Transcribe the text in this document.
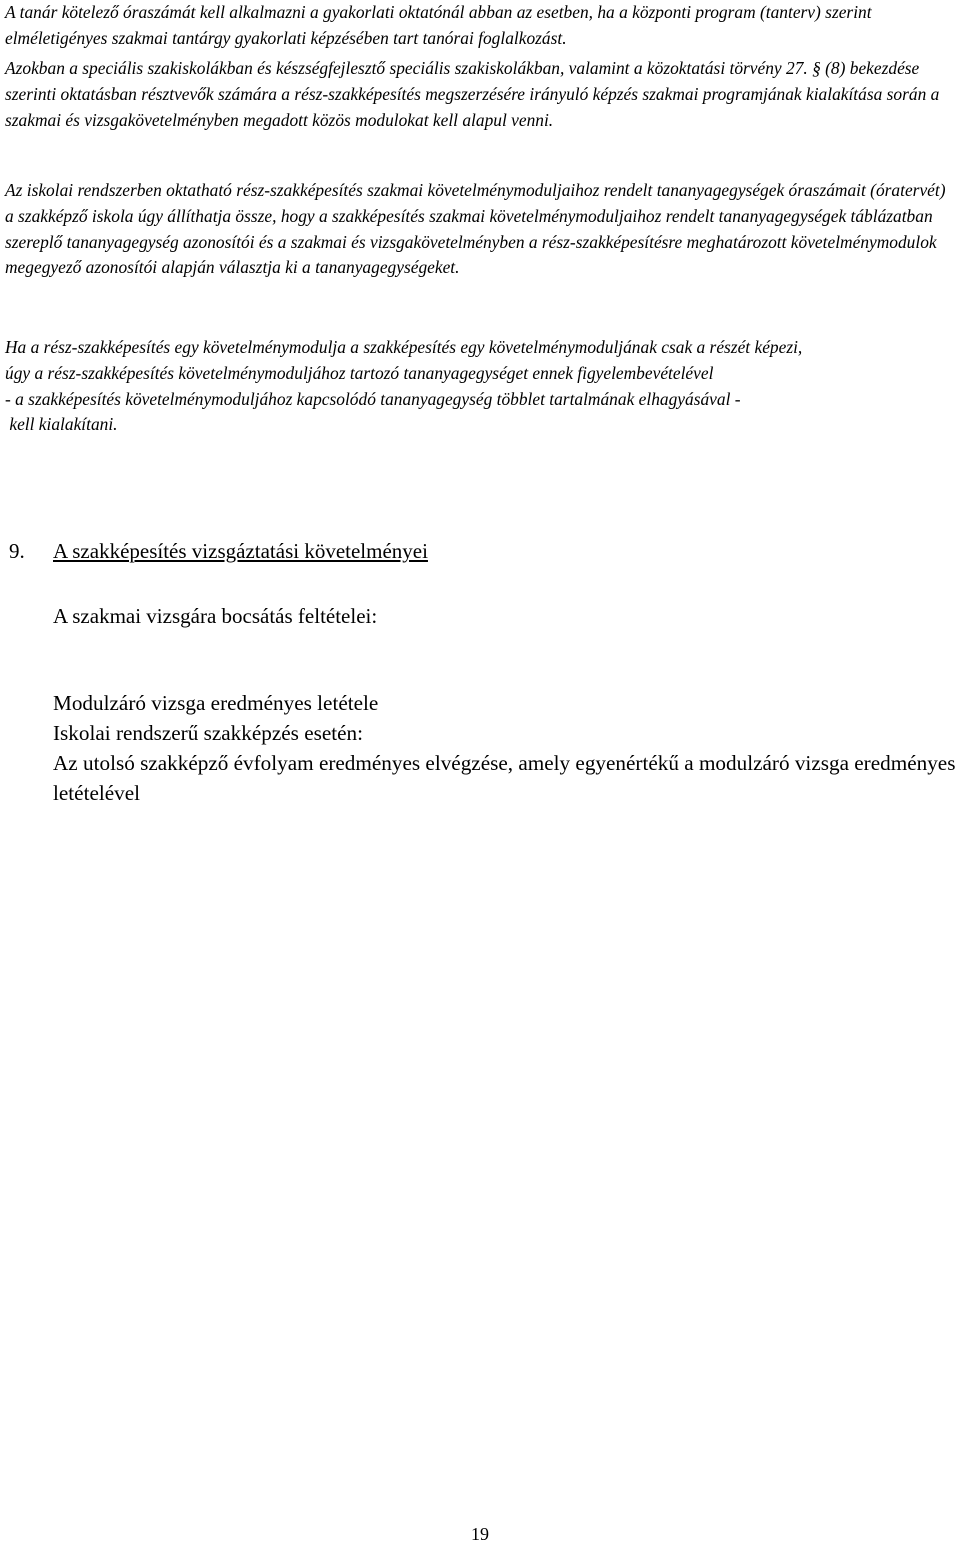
A tanár kötelező óraszámát kell alkalmazni a gyakorlati oktatónál abban az esetben, ha a központi program (tanterv) szerint elméletigényes szakmai tantárgy gyakorlati képzésében tart tanórai foglalkozást.

Azokban a speciális szakiskolákban és készségfejlesztő speciális szakiskolákban, valamint a közoktatási törvény 27. § (8) bekezdése szerinti oktatásban résztvevők számára a rész-szakképesítés megszerzésére irányuló képzés szakmai programjának kialakítása során a szakmai és vizsgakövetelményben megadott közös modulokat kell alapul venni.

Az iskolai rendszerben oktatható rész-szakképesítés szakmai követelménymoduljaihoz rendelt tananyagegységek óraszámait (óratervét) a szakképző iskola úgy állíthatja össze, hogy a szakképesítés szakmai követelménymoduljaihoz rendelt tananyagegységek táblázatban szereplő tananyagegység azonosítói és a szakmai és vizsgakövetelményben a rész-szakképesítésre meghatározott követelménymodulok megegyező azonosítói alapján választja ki a tananyagegységeket.

Ha a rész-szakképesítés egy követelménymodulja a szakképesítés egy követelménymoduljának csak a részét képezi,

úgy a rész-szakképesítés követelménymoduljához tartozó tananyagegységet ennek figyelembevételével

- a szakképesítés követelménymoduljához kapcsolódó tananyagegység többlet tartalmának elhagyásával -

kell kialakítani.

9. A szakképesítés vizsgáztatási követelményei
A szakmai vizsgára bocsátás feltételei:

Modulzáró vizsga eredményes letétele

Iskolai rendszerű szakképzés esetén:

Az utolsó szakképző évfolyam eredményes elvégzése, amely egyenértékű a modulzáró vizsga eredményes letételével

19
